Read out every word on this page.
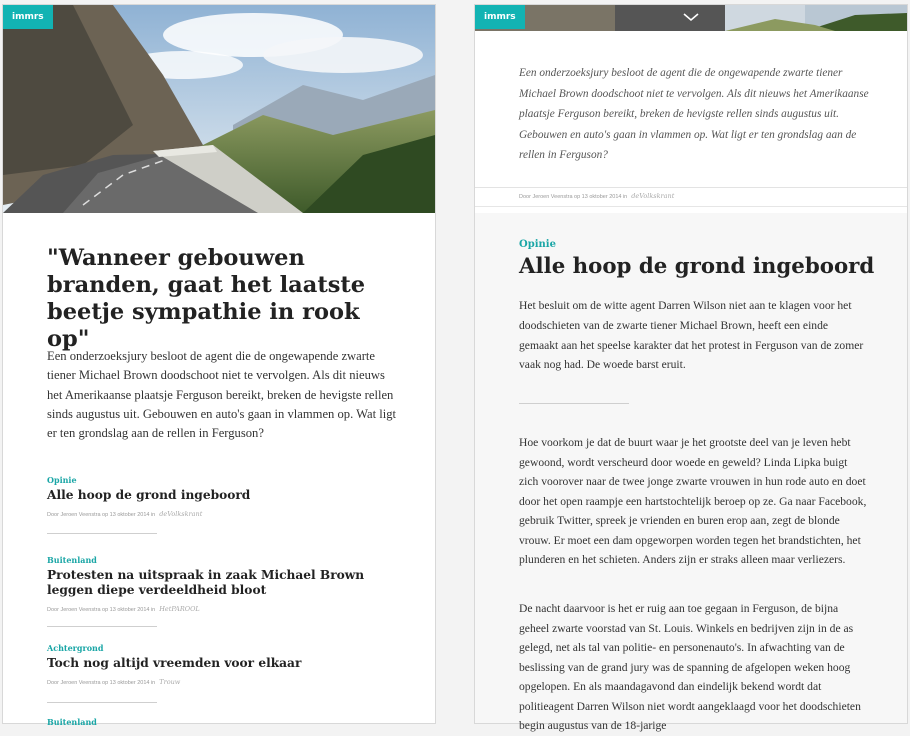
immrs
"Wanneer gebouwen branden, gaat het laatste beetje sympathie in rook op"

Een onderzoeksjury besloot de agent die de ongewapende zwarte tiener Michael Brown doodschoot niet te vervolgen. Als dit nieuws het Amerikaanse plaatsje Ferguson bereikt, breken de hevigste rellen sinds augustus uit. Gebouwen en auto's gaan in vlammen op. Wat ligt er ten grondslag aan de rellen in Ferguson?

Opinie
Alle hoop de grond ingeboord
Door Jeroen Veenstra op 13 oktober 2014 in deVolkskrant
Buitenland
Protesten na uitspraak in zaak Michael Brown leggen diepe verdeeldheid bloot
Door Jeroen Veenstra op 13 oktober 2014 in HetPAROOL
Achtergrond
Toch nog altijd vreemden voor elkaar
Door Jeroen Veenstra op 13 oktober 2014 in Trouw
Buitenland
immrs

Een onderzoeksjury besloot de agent die de ongewapende zwarte tiener Michael Brown doodschoot niet te vervolgen. Als dit nieuws het Amerikaanse plaatsje Ferguson bereikt, breken de hevigste rellen sinds augustus uit. Gebouwen en auto's gaan in vlammen op. Wat ligt er ten grondslag aan de rellen in Ferguson?

Door Jeroen Veenstra op 13 oktober 2014 in deVolkskrant
Opinie
Alle hoop de grond ingeboord

Het besluit om de witte agent Darren Wilson niet aan te klagen voor het doodschieten van de zwarte tiener Michael Brown, heeft een einde gemaakt aan het speelse karakter dat het protest in Ferguson van de zomer vaak nog had. De woede barst eruit.

Hoe voorkom je dat de buurt waar je het grootste deel van je leven hebt gewoond, wordt verscheurd door woede en geweld? Linda Lipka buigt zich voorover naar de twee jonge zwarte vrouwen in hun rode auto en doet door het open raampje een hartstochtelijk beroep op ze. Ga naar Facebook, gebruik Twitter, spreek je vrienden en buren erop aan, zegt de blonde vrouw. Er moet een dam opgeworpen worden tegen het brandstichten, het plunderen en het schieten. Anders zijn er straks alleen maar verliezers.

De nacht daarvoor is het er ruig aan toe gegaan in Ferguson, de bijna geheel zwarte voorstad van St. Louis. Winkels en bedrijven zijn in de as gelegd, net als tal van politie- en personenauto's. In afwachting van de beslissing van de grand jury was de spanning de afgelopen weken hoog opgelopen. En als maandagavond dan eindelijk bekend wordt dat politieagent Darren Wilson niet wordt aangeklaagd voor het doodschieten begin augustus van de 18-jarige
